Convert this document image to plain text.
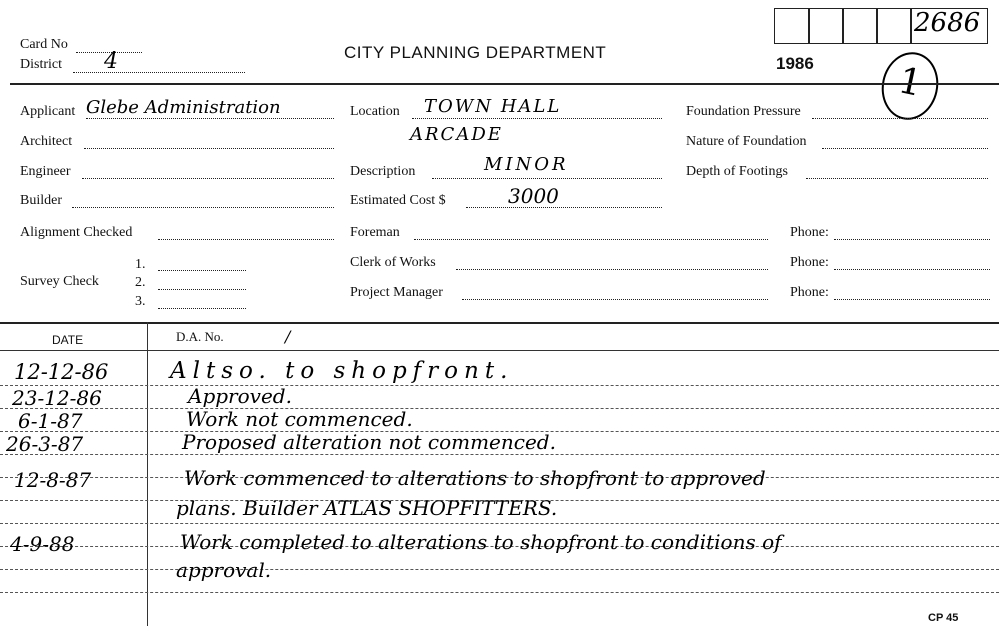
Card No
District 4	CITY PLANNING DEPARTMENT
1986
2686
1
Applicant Glebe Administration
Architect
Engineer
Builder
Alignment Checked
Survey Check
1.
2.
3.
Location TOWN HALL
ARCADE
Description	MINOR
Estimated Cost $	3000
Foreman	Phone:
Clerk of Works	Phone:
Project Manager	Phone:
Foundation Pressure
Nature of Foundation
Depth of Footings
DATE	D.A. No.	/
12-12-86	Altso. to shopfront.
23-12-86	Approved.
6-1-87	Work not commenced.
26-3-87	Proposed alteration not commenced.
12-8-87	Work commenced to alterations to shopfront to approved
plans. Builder ATLAS SHOPFITTERS.
4-9-88	Work completed to alterations to shopfront to conditions of
approval.
CP 45
